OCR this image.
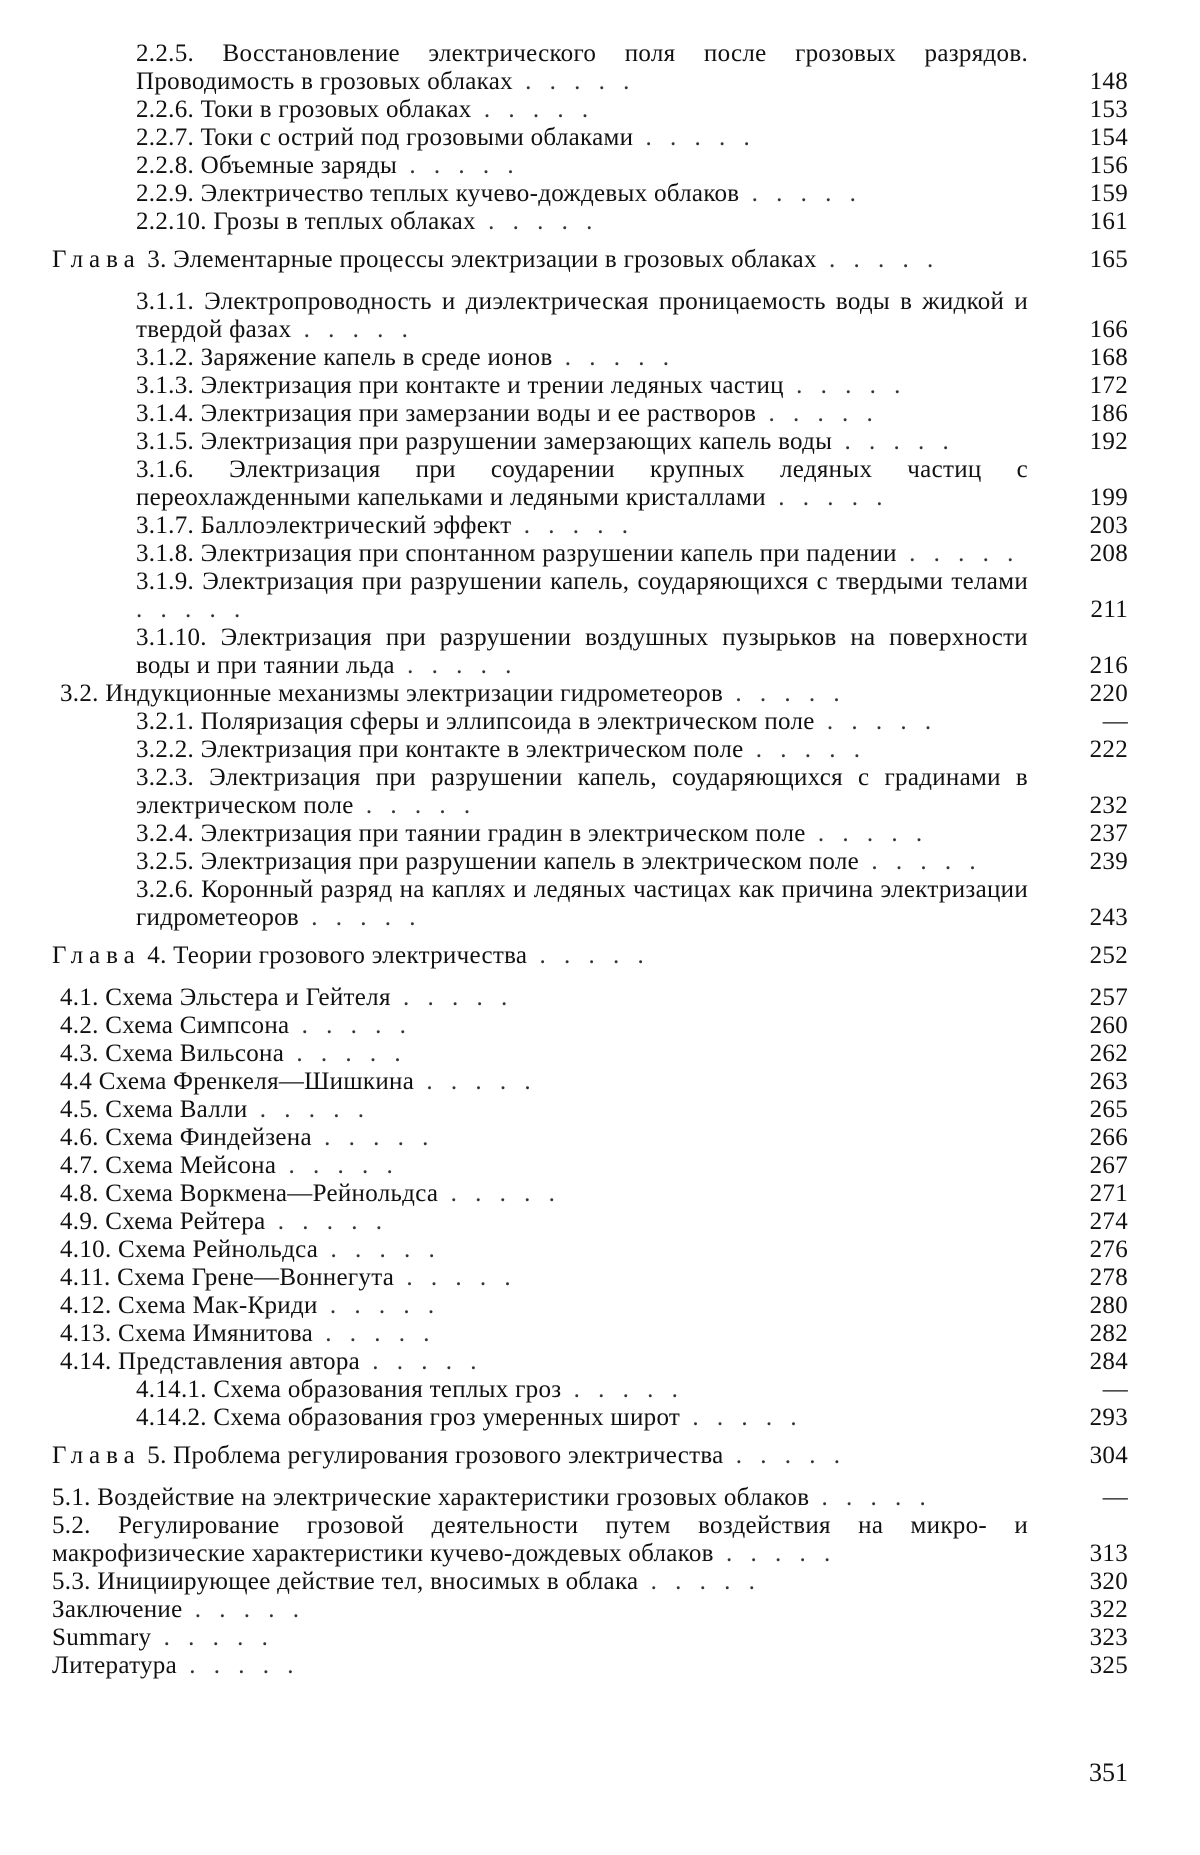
2.2.5. Восстановление электрического поля после грозовых разрядов. Проводимость в грозовых облаках . . . . .	148
2.2.6. Токи в грозовых облаках . . . . .	153
2.2.7. Токи с острий под грозовыми облаками . . . . .	154
2.2.8. Объемные заряды . . . . .	156
2.2.9. Электричество теплых кучево-дождевых облаков . . . . .	159
2.2.10. Грозы в теплых облаках . . . . .	161
Глава 3. Элементарные процессы электризации в грозовых облаках . . . . .	165
3.1.1. Электропроводность и диэлектрическая проницаемость воды в жидкой и твердой фазах . . . . .	166
3.1.2. Заряжение капель в среде ионов . . . . .	168
3.1.3. Электризация при контакте и трении ледяных частиц . . . . .	172
3.1.4. Электризация при замерзании воды и ее растворов . . . . .	186
3.1.5. Электризация при разрушении замерзающих капель воды . . . . .	192
3.1.6. Электризация при соударении крупных ледяных частиц с переохлажденными капельками и ледяными кристаллами . . . . .	199
3.1.7. Баллоэлектрический эффект . . . . .	203
3.1.8. Электризация при спонтанном разрушении капель при падении . . . . .	208
3.1.9. Электризация при разрушении капель, соударяющихся с твердыми телами . . . . .	211
3.1.10. Электризация при разрушении воздушных пузырьков на поверхности воды и при таянии льда . . . . .	216
3.2. Индукционные механизмы электризации гидрометеоров . . . . .	220
3.2.1. Поляризация сферы и эллипсоида в электрическом поле . . . . .	—
3.2.2. Электризация при контакте в электрическом поле . . . . .	222
3.2.3. Электризация при разрушении капель, соударяющихся с градинами в электрическом поле . . . . .	232
3.2.4. Электризация при таянии градин в электрическом поле . . . . .	237
3.2.5. Электризация при разрушении капель в электрическом поле . . . . .	239
3.2.6. Коронный разряд на каплях и ледяных частицах как причина электризации гидрометеоров . . . . .	243
Глава 4. Теории грозового электричества . . . . .	252
4.1. Схема Эльстера и Гейтеля . . . . .	257
4.2. Схема Симпсона . . . . .	260
4.3. Схема Вильсона . . . . .	262
4.4 Схема Френкеля—Шишкина . . . . .	263
4.5. Схема Валли . . . . .	265
4.6. Схема Финдейзена . . . . .	266
4.7. Схема Мейсона . . . . .	267
4.8. Схема Воркмена—Рейнольдса . . . . .	271
4.9. Схема Рейтера . . . . .	274
4.10. Схема Рейнольдса . . . . .	276
4.11. Схема Грене—Воннегута . . . . .	278
4.12. Схема Мак-Криди . . . . .	280
4.13. Схема Имянитова . . . . .	282
4.14. Представления автора . . . . .	284
4.14.1. Схема образования теплых гроз . . . . .	—
4.14.2. Схема образования гроз умеренных широт . . . . .	293
Глава 5. Проблема регулирования грозового электричества . . . . .	304
5.1. Воздействие на электрические характеристики грозовых облаков . . . . .	—
5.2. Регулирование грозовой деятельности путем воздействия на микро- и макрофизические характеристики кучево-дождевых облаков . . . . .	313
5.3. Инициирующее действие тел, вносимых в облака . . . . .	320
Заключение . . . . .	322
Summary . . . . .	323
Литература . . . . .	325
351
